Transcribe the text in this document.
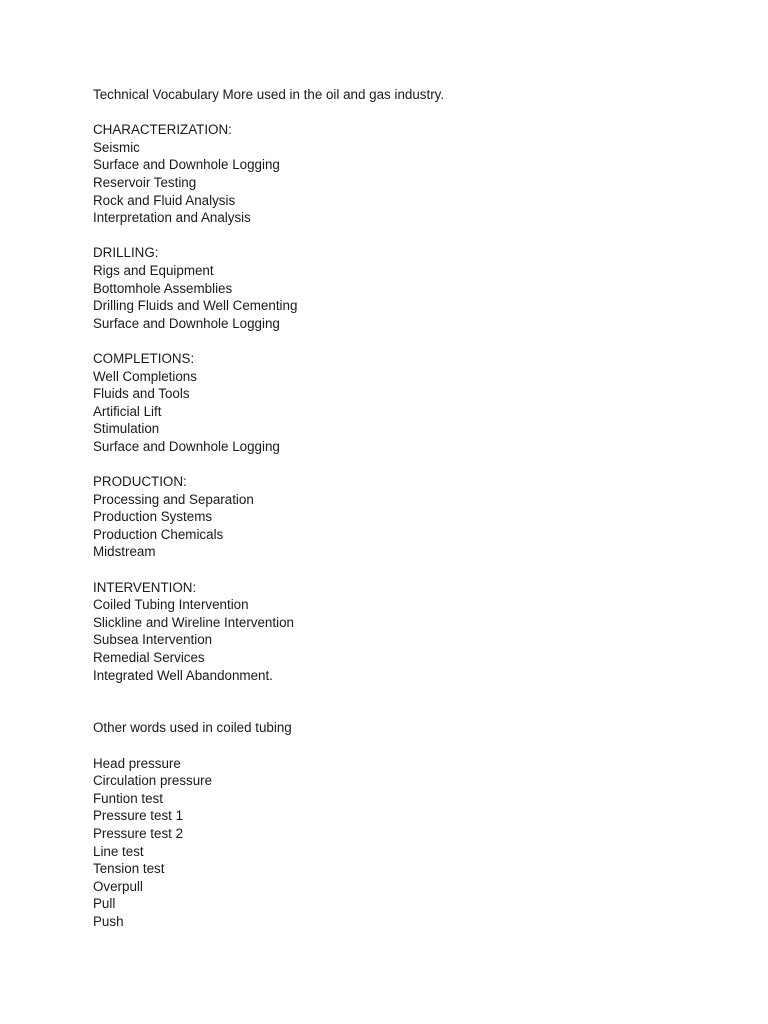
Technical Vocabulary More used in the oil and gas industry.
CHARACTERIZATION:
Seismic
Surface and Downhole Logging
Reservoir Testing
Rock and Fluid Analysis
Interpretation and Analysis
DRILLING:
Rigs and Equipment
Bottomhole Assemblies
Drilling Fluids and Well Cementing
Surface and Downhole Logging
COMPLETIONS:
Well Completions
Fluids and Tools
Artificial Lift
Stimulation
Surface and Downhole Logging
PRODUCTION:
Processing and Separation
Production Systems
Production Chemicals
Midstream
INTERVENTION:
Coiled Tubing Intervention
Slickline and Wireline Intervention
Subsea Intervention
Remedial Services
Integrated Well Abandonment.
Other words used in coiled tubing
Head pressure
Circulation pressure
Funtion test
Pressure test 1
Pressure test 2
Line test
Tension test
Overpull
Pull
Push
